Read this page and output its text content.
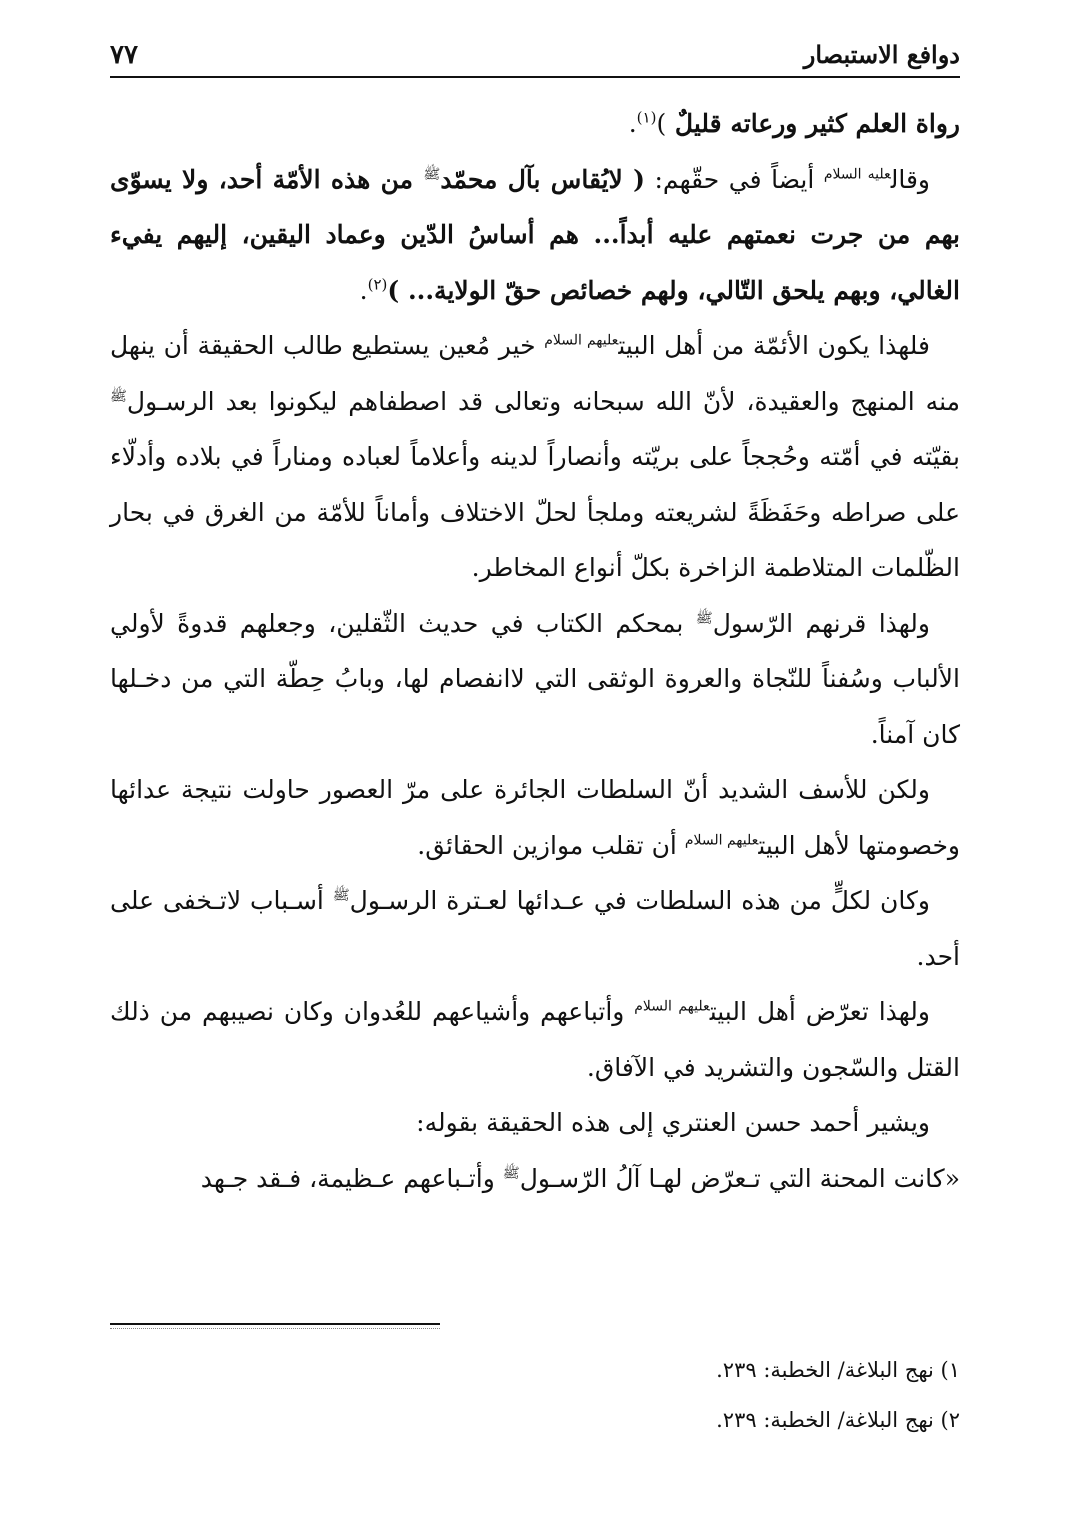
دوافع الاستبصار
٧٧

رواة العلم كثير ورعاته قليلٌ )$^{(١)}$.

وقال$^{عليه السلام}$ أيضاً في حقّهم: ( لايُقاس بآل محمّد$^ﷺ$ من هذه الأمّة أحد، ولا يسوّى بهم من جرت نعمتهم عليه أبداً... هم أساسُ الدّين وعماد اليقين، إليهم يفيء الغالي، وبهم يلحق التّالي، ولهم خصائص حقّ الولاية... )$^{(٢)}$.

فلهذا يكون الأئمّة من أهل البيت$^{عليهم السلام}$ خير مُعين يستطيع طالب الحقيقة أن ينهل منه المنهج والعقيدة، لأنّ الله سبحانه وتعالى قد اصطفاهم ليكونوا بعد الرسـول$^ﷺ$ بقيّته في أمّته وحُججاً على بريّته وأنصاراً لدينه وأعلاماً لعباده ومناراً في بلاده وأدلّاء على صراطه وحَفَظَةً لشريعته وملجأ لحلّ الاختلاف وأماناً للأمّة من الغرق في بحار الظّلمات المتلاطمة الزاخرة بكلّ أنواع المخاطر.

ولهذا قرنهم الرّسول$^ﷺ$ بمحكم الكتاب في حديث الثّقلين، وجعلهم قدوةً لأولي الألباب وسُفناً للنّجاة والعروة الوثقى التي لاانفصام لها، وبابُ حِطّة التي من دخـلها كان آمناً.

ولكن للأسف الشديد أنّ السلطات الجائرة على مرّ العصور حاولت نتيجة عدائها وخصومتها لأهل البيت$^{عليهم السلام}$ أن تقلب موازين الحقائق.

وكان لكلٍّ من هذه السلطات في عـدائها لعـترة الرسـول$^ﷺ$ أسـباب لاتـخفى على أحد.

ولهذا تعرّض أهل البيت$^{عليهم السلام}$ وأتباعهم وأشياعهم للعُدوان وكان نصيبهم من ذلك القتل والسّجون والتشريد في الآفاق.

ويشير أحمد حسن العنتري إلى هذه الحقيقة بقوله:

«كانت المحنة التي تـعرّض لهـا آلُ الرّسـول$^ﷺ$ وأتـباعهم عـظيمة، فـقد جـهد

١) نهج البلاغة/ الخطبة: ٢٣٩.

٢) نهج البلاغة/ الخطبة: ٢٣٩.
